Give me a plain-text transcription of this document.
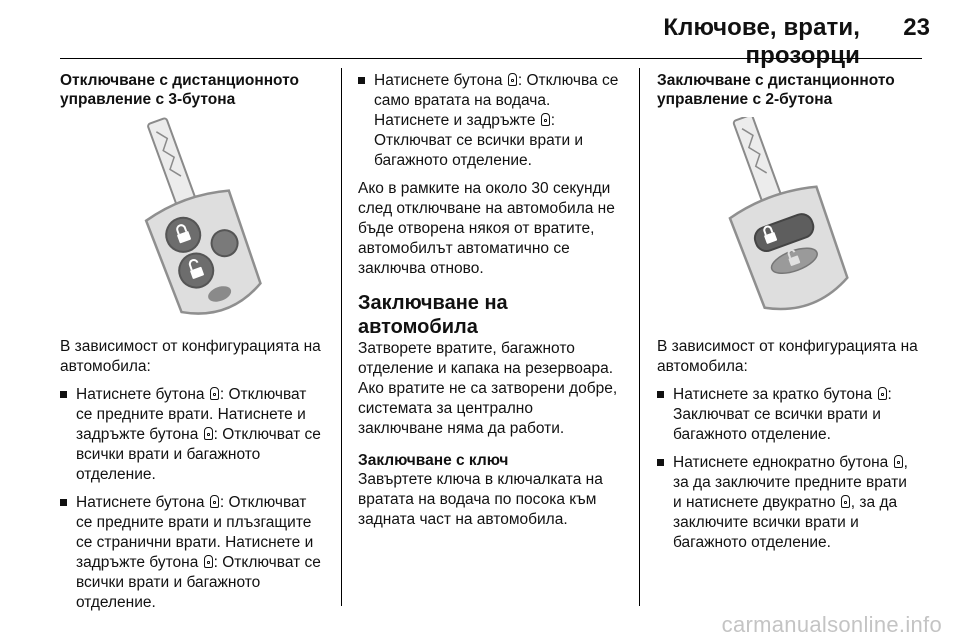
Ключове, врати, прозорци
23

Отключване с дистанционното управление с 3-бутона

В зависимост от конфигурацията на автомобила:

Натиснете бутона : Отключват се предните врати. Натиснете и задръжте бутона : Отключват се всички врати и багажното отделение.

Натиснете бутона : Отключват се предните врати и плъзгащите се странични врати. Натиснете и задръжте бутона : Отключват се всички врати и багажното отделение.

Натиснете бутона : Отключва се само вратата на водача. Натиснете и задръжте : Отключват се всички врати и багажното отделение.

Ако в рамките на около 30 секунди след отключване на автомобила не бъде отворена някоя от вратите, автомобилът автоматично се заключва отново.

Заключване на автомобила

Затворете вратите, багажното отделение и капака на резервоара. Ако вратите не са затворени добре, системата за централно заключване няма да работи.

Заключване с ключ

Завъртете ключа в ключалката на вратата на водача по посока към задната част на автомобила.

Заключване с дистанционното управление с 2-бутона

В зависимост от конфигурацията на автомобила:

Натиснете за кратко бутона : Заключват се всички врати и багажното отделение.

Натиснете еднократно бутона , за да заключите предните врати и натиснете двукратно , за да заключите всички врати и багажното отделение.

carmanualsonline.info
